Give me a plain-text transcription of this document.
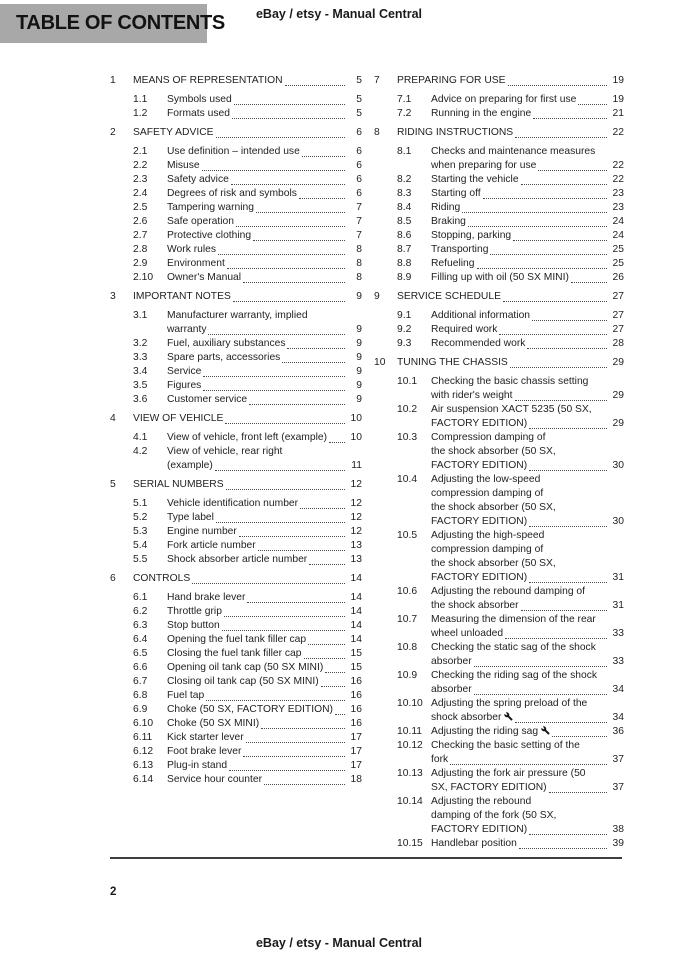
TABLE OF CONTENTS	eBay / etsy - Manual Central
1	MEANS OF REPRESENTATION	5
1.1	Symbols used	5
1.2	Formats used	5
2	SAFETY ADVICE	6
2.1	Use definition – intended use	6
2.2	Misuse	6
2.3	Safety advice	6
2.4	Degrees of risk and symbols	6
2.5	Tampering warning	7
2.6	Safe operation	7
2.7	Protective clothing	7
2.8	Work rules	8
2.9	Environment	8
2.10	Owner's Manual	8
3	IMPORTANT NOTES	9
3.1	Manufacturer warranty, implied
warranty	9
3.2	Fuel, auxiliary substances	9
3.3	Spare parts, accessories	9
3.4	Service	9
3.5	Figures	9
3.6	Customer service	9
4	VIEW OF VEHICLE	10
4.1	View of vehicle, front left (example) 10
4.2	View of vehicle, rear right
(example)	11
5	SERIAL NUMBERS	12
5.1	Vehicle identification number	12
5.2	Type label	12
5.3	Engine number	12
5.4	Fork article number	13
5.5	Shock absorber article number	13
6	CONTROLS	14
6.1	Hand brake lever	14
6.2	Throttle grip	14
6.3	Stop button	14
6.4	Opening the fuel tank filler cap	14
6.5	Closing the fuel tank filler cap	15
6.6	Opening oil tank cap (50 SX MINI)	15
6.7	Closing oil tank cap (50 SX MINI)	16
6.8	Fuel tap	16
6.9	Choke (50 SX, FACTORY EDITION) 16
6.10	Choke (50 SX MINI)	16
6.11	Kick starter lever	17
6.12	Foot brake lever	17
6.13	Plug-in stand	17
6.14	Service hour counter	18
7	PREPARING FOR USE	19
7.1	Advice on preparing for first use	19
7.2	Running in the engine	21
8	RIDING INSTRUCTIONS	22
8.1	Checks and maintenance measures
when preparing for use	22
8.2	Starting the vehicle	22
8.3	Starting off	23
8.4	Riding	23
8.5	Braking	24
8.6	Stopping, parking	24
8.7	Transporting	25
8.8	Refueling	25
8.9	Filling up with oil (50 SX MINI)	26
9	SERVICE SCHEDULE	27
9.1	Additional information	27
9.2	Required work	27
9.3	Recommended work	28
10	TUNING THE CHASSIS	29
10.1	Checking the basic chassis setting
with rider's weight	29
10.2	Air suspension XACT 5235 (50 SX,
FACTORY EDITION)	29
10.3	Compression damping of
the shock absorber (50 SX,
FACTORY EDITION)	30
10.4	Adjusting the low-speed
compression damping of
the shock absorber (50 SX,
FACTORY EDITION)	30
10.5	Adjusting the high-speed
compression damping of
the shock absorber (50 SX,
FACTORY EDITION)	31
10.6	Adjusting the rebound damping of
the shock absorber	31
10.7	Measuring the dimension of the rear
wheel unloaded	33
10.8	Checking the static sag of the shock
absorber	33
10.9	Checking the riding sag of the shock
absorber	34
10.10 Adjusting the spring preload of the
shock absorber	34
10.11 Adjusting the riding sag	36
10.12 Checking the basic setting of the
fork	37
10.13 Adjusting the fork air pressure (50
SX, FACTORY EDITION)	37
10.14 Adjusting the rebound
damping of the fork (50 SX,
FACTORY EDITION)	38
10.15 Handlebar position	39
2
eBay / etsy - Manual Central
